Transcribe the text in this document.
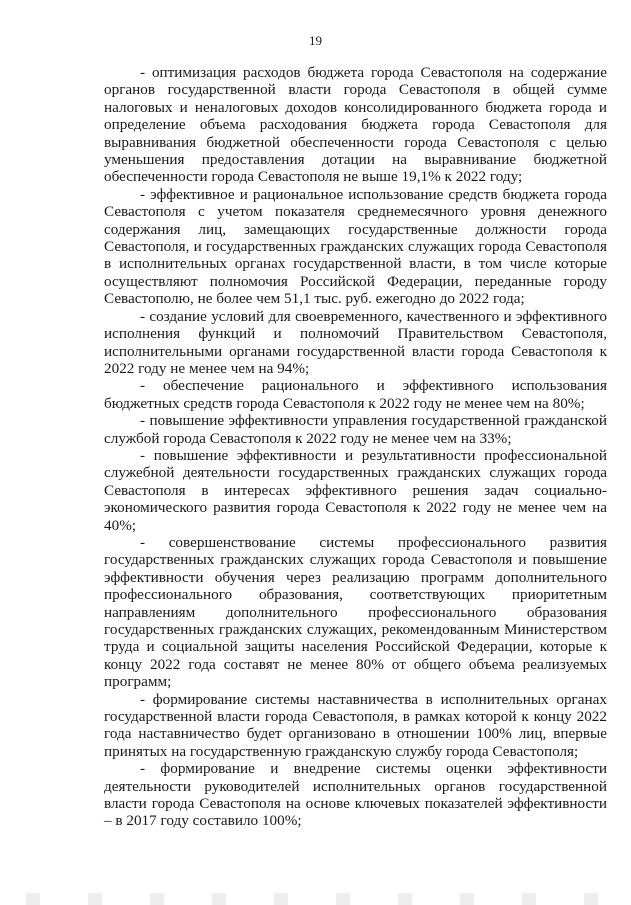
19

- оптимизация расходов бюджета города Севастополя на содержание органов государственной власти города Севастополя в общей сумме налоговых и неналоговых доходов консолидированного бюджета города и определение объема расходования бюджета города Севастополя для выравнивания бюджетной обеспеченности города Севастополя с целью уменьшения предоставления дотации на выравнивание бюджетной обеспеченности города Севастополя не выше 19,1% к 2022 году;

- эффективное и рациональное использование средств бюджета города Севастополя с учетом показателя среднемесячного уровня денежного содержания лиц, замещающих государственные должности города Севастополя, и государственных гражданских служащих города Севастополя в исполнительных органах государственной власти, в том числе которые осуществляют полномочия Российской Федерации, переданные городу Севастополю, не более чем 51,1 тыс. руб. ежегодно до 2022 года;

- создание условий для своевременного, качественного и эффективного исполнения функций и полномочий Правительством Севастополя, исполнительными органами государственной власти города Севастополя к 2022 году не менее чем на 94%;

- обеспечение рационального и эффективного использования бюджетных средств города Севастополя к 2022 году не менее чем на 80%;

- повышение эффективности управления государственной гражданской службой города Севастополя к 2022 году не менее чем на 33%;

- повышение эффективности и результативности профессиональной служебной деятельности государственных гражданских служащих города Севастополя в интересах эффективного решения задач социально-экономического развития города Севастополя к 2022 году не менее чем на 40%;

- совершенствование системы профессионального развития государственных гражданских служащих города Севастополя и повышение эффективности обучения через реализацию программ дополнительного профессионального образования, соответствующих приоритетным направлениям дополнительного профессионального образования государственных гражданских служащих, рекомендованным Министерством труда и социальной защиты населения Российской Федерации, которые к концу 2022 года составят не менее 80% от общего объема реализуемых программ;

- формирование системы наставничества в исполнительных органах государственной власти города Севастополя, в рамках которой к концу 2022 года наставничество будет организовано в отношении 100% лиц, впервые принятых на государственную гражданскую службу города Севастополя;

- формирование и внедрение системы оценки эффективности деятельности руководителей исполнительных органов государственной власти города Севастополя на основе ключевых показателей эффективности – в 2017 году составило 100%;
